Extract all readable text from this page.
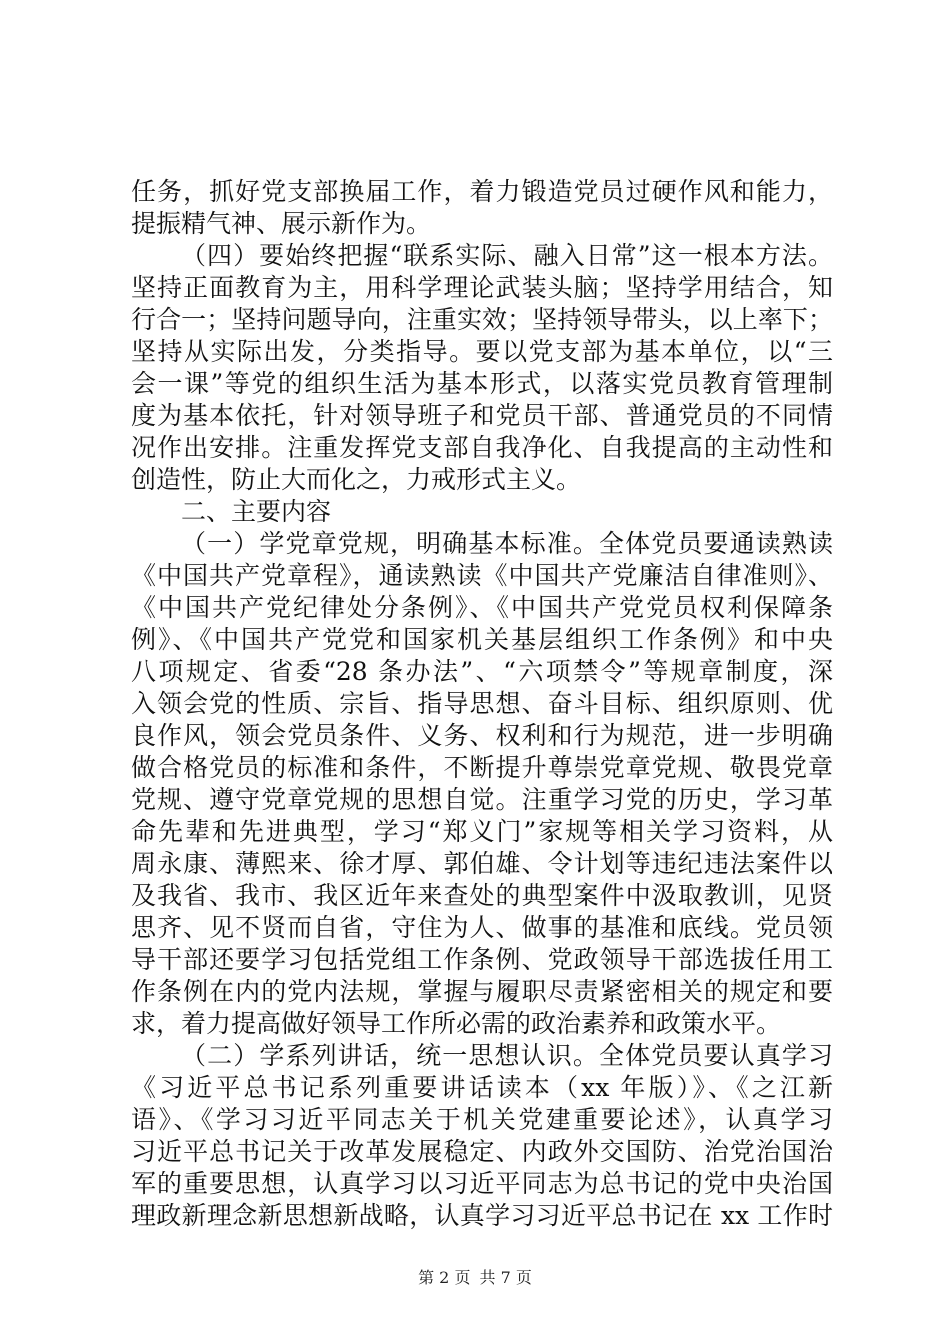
任务，抓好党支部换届工作，着力锻造党员过硬作风和能力，
提振精气神、展示新作为。
（四）要始终把握“联系实际、融入日常”这一根本方法。
坚持正面教育为主，用科学理论武装头脑；坚持学用结合，知
行合一；坚持问题导向，注重实效；坚持领导带头，以上率下；
坚持从实际出发，分类指导。要以党支部为基本单位，以“三
会一课”等党的组织生活为基本形式，以落实党员教育管理制
度为基本依托，针对领导班子和党员干部、普通党员的不同情
况作出安排。注重发挥党支部自我净化、自我提高的主动性和
创造性，防止大而化之，力戒形式主义。
二、主要内容
（一）学党章党规，明确基本标准。全体党员要通读熟读
《中国共产党章程》，通读熟读《中国共产党廉洁自律准则》、
《中国共产党纪律处分条例》、《中国共产党党员权利保障条
例》、《中国共产党党和国家机关基层组织工作条例》和中央
八项规定、省委“28 条办法”、“六项禁令”等规章制度，深
入领会党的性质、宗旨、指导思想、奋斗目标、组织原则、优
良作风，领会党员条件、义务、权利和行为规范，进一步明确
做合格党员的标准和条件，不断提升尊崇党章党规、敬畏党章
党规、遵守党章党规的思想自觉。注重学习党的历史，学习革
命先辈和先进典型，学习“郑义门”家规等相关学习资料，从
周永康、薄熙来、徐才厚、郭伯雄、令计划等违纪违法案件以
及我省、我市、我区近年来查处的典型案件中汲取教训，见贤
思齐、见不贤而自省，守住为人、做事的基准和底线。党员领
导干部还要学习包括党组工作条例、党政领导干部选拔任用工
作条例在内的党内法规，掌握与履职尽责紧密相关的规定和要
求，着力提高做好领导工作所必需的政治素养和政策水平。
（二）学系列讲话，统一思想认识。全体党员要认真学习
《习近平总书记系列重要讲话读本（xx 年版）》、《之江新
语》、《学习习近平同志关于机关党建重要论述》，认真学习
习近平总书记关于改革发展稳定、内政外交国防、治党治国治
军的重要思想，认真学习以习近平同志为总书记的党中央治国
理政新理念新思想新战略，认真学习习近平总书记在 xx 工作时
第 2 页 共 7 页
